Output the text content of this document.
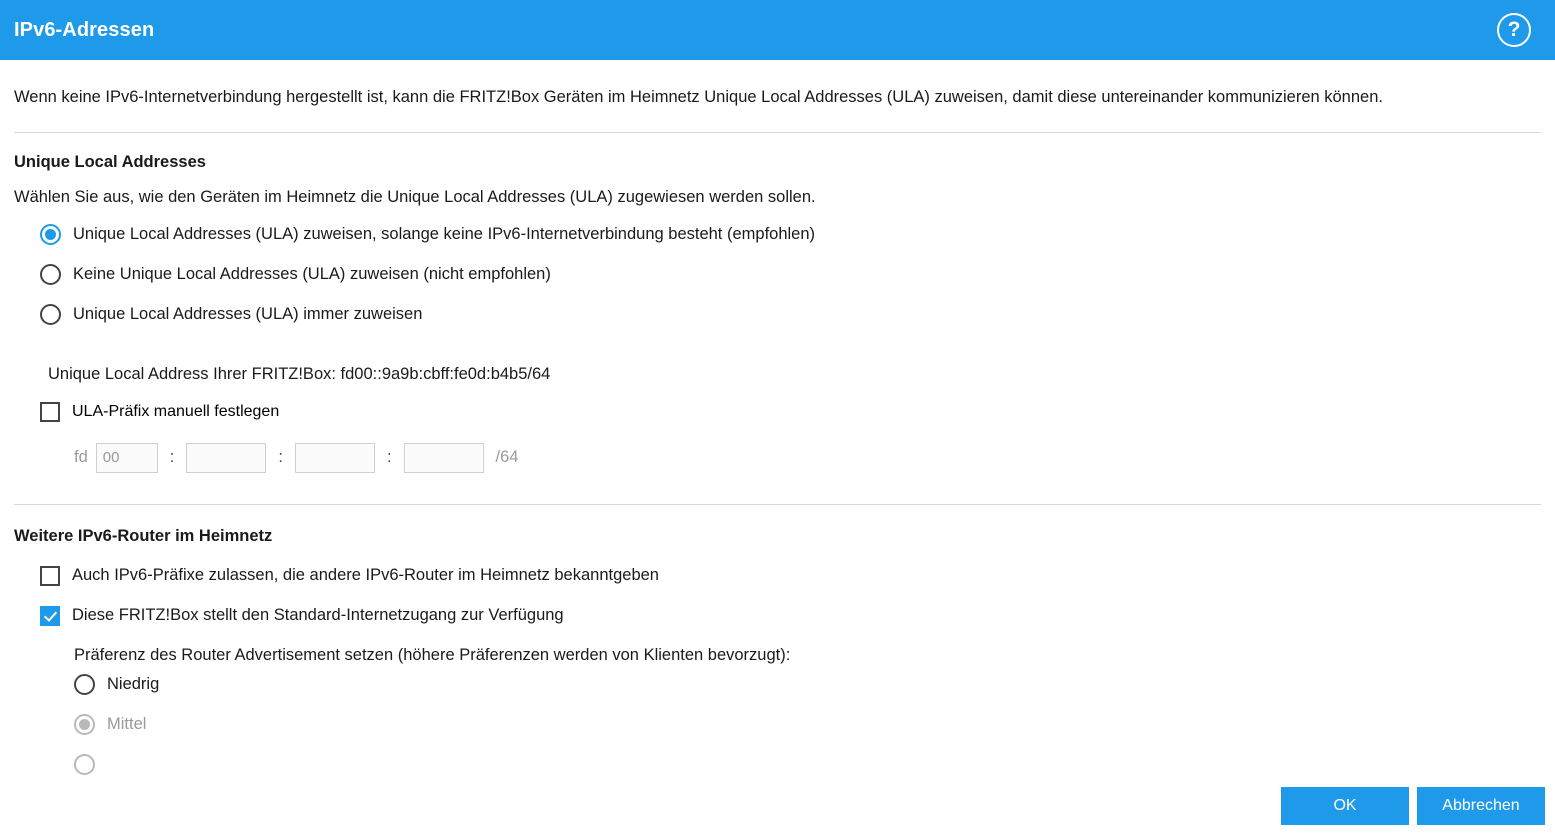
IPv6-Adressen	?
Wenn keine IPv6-Internetverbindung hergestellt ist, kann die FRITZ!Box Geräten im Heimnetz Unique Local Addresses (ULA) zuweisen, damit diese untereinander kommunizieren können.
Unique Local Addresses
Wählen Sie aus, wie den Geräten im Heimnetz die Unique Local Addresses (ULA) zugewiesen werden sollen.
Unique Local Addresses (ULA) zuweisen, solange keine IPv6-Internetverbindung besteht (empfohlen)
Keine Unique Local Addresses (ULA) zuweisen (nicht empfohlen)
Unique Local Addresses (ULA) immer zuweisen
Unique Local Address Ihrer FRITZ!Box: fd00::9a9b:cbff:fe0d:b4b5/64
ULA-Präfix manuell festlegen
fd
00	:	:	:	/64
Weitere IPv6-Router im Heimnetz
Auch IPv6-Präfixe zulassen, die andere IPv6-Router im Heimnetz bekanntgeben
Diese FRITZ!Box stellt den Standard-Internetzugang zur Verfügung
Präferenz des Router Advertisement setzen (höhere Präferenzen werden von Klienten bevorzugt):
Niedrig
Mittel
OK	Abbrechen
